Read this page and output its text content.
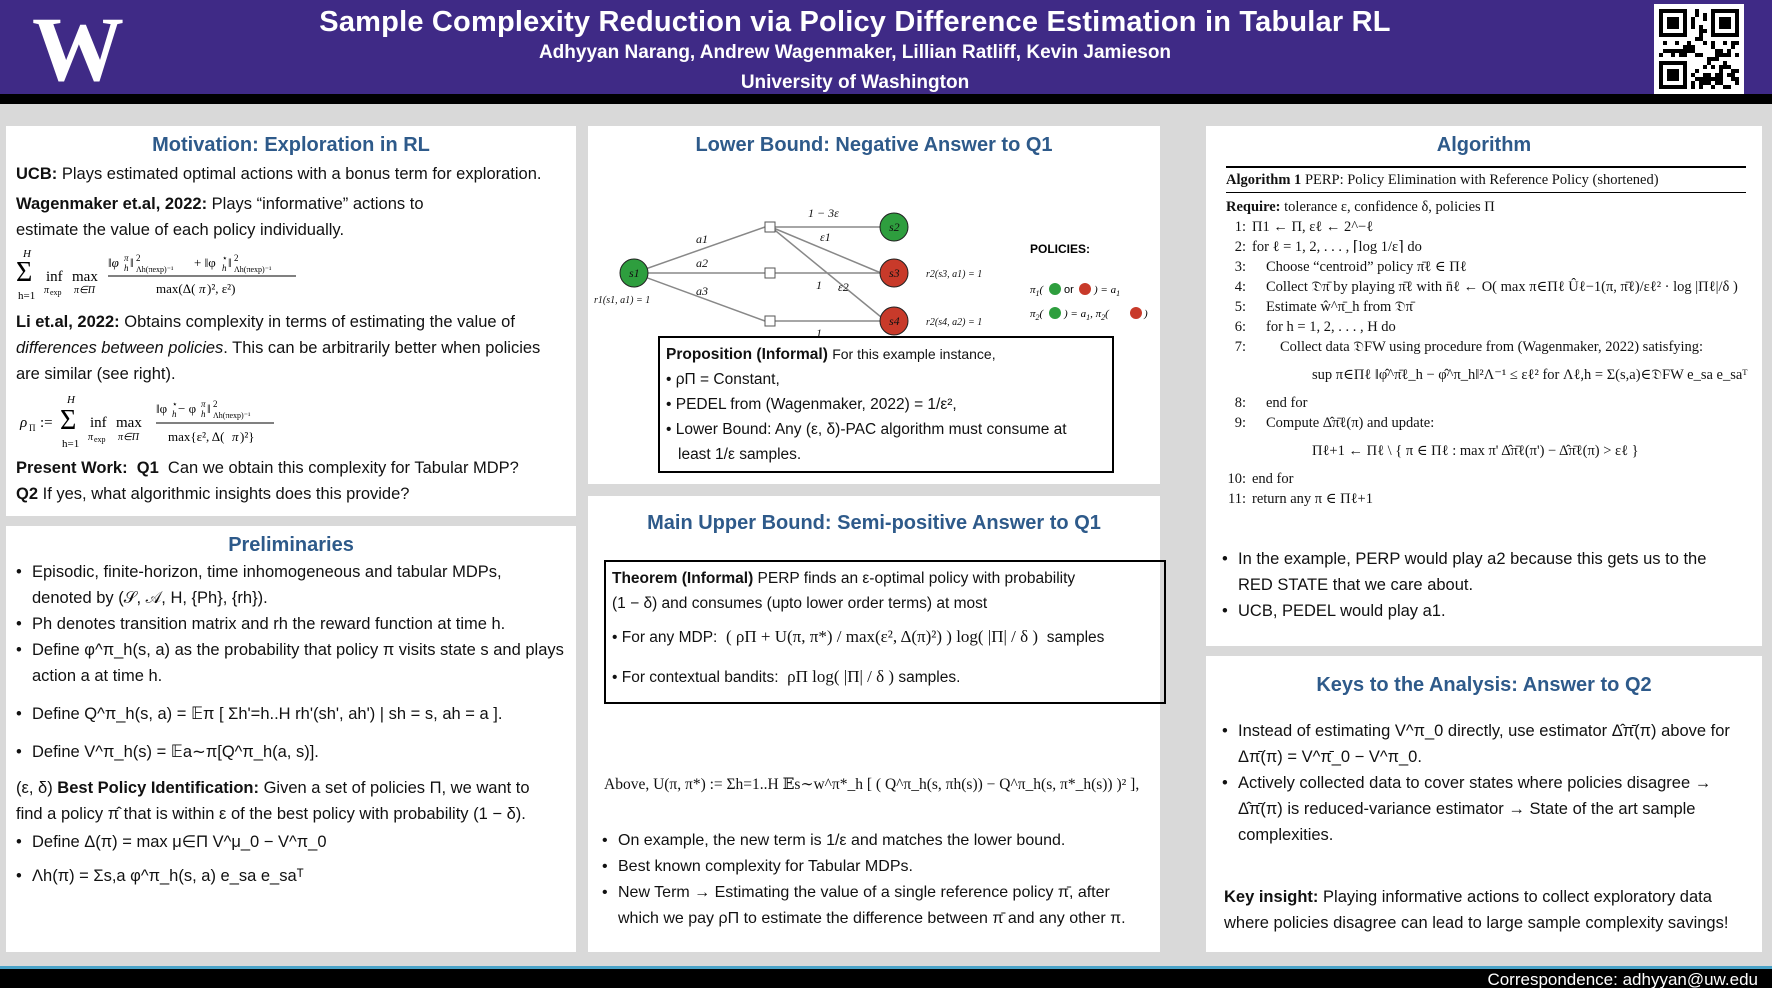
W	Sample Complexity Reduction via Policy Difference Estimation in Tabular RL
Adhyyan Narang, Andrew Wagenmaker, Lillian Ratliff, Kevin Jamieson
University of Washington
Motivation: Exploration in RL
UCB: Plays estimated optimal actions with a bonus term for exploration.
Wagenmaker et.al, 2022: Plays “informative” actions to
estimate the value of each policy individually.
Σ
H
h=1
inf
π exp
max
π∈Π
‖φ π
h ‖ 2
Λh(πexp)⁻¹ + ‖φ ⋆
h ‖ 2
Λh(πexp)⁻¹
max(Δ( π )², ε²)
Li et.al, 2022: Obtains complexity in terms of estimating the value of
differences between policies. This can be arbitrarily better when policies
are similar (see right).
ρ Π := Σ
H
h=1
inf
π exp
max
π∈Π
‖φ ⋆
h − φ π
h ‖ 2
Λh(πexp)⁻¹
max{ε², Δ( π )²}
Present Work: Q1 Can we obtain this complexity for Tabular MDP?
Q2 If yes, what algorithmic insights does this provide?
Preliminaries
• Episodic, finite-horizon, time inhomogeneous and tabular MDPs,
denoted by (𝒮, 𝒜, H, {Ph}, {rh}).
• Ph denotes transition matrix and rh the reward function at time h.
• Define φ^π_h(s, a) as the probability that policy π visits state s and plays
action a at time h.
• Define Q^π_h(s, a) = 𝔼π [ Σh'=h..H rh'(sh', ah') | sh = s, ah = a ].
• Define V^π_h(s) = 𝔼a∼π[Q^π_h(a, s)].
(ε, δ) Best Policy Identification: Given a set of policies Π, we want to
find a policy π̂ that is within ε of the best policy with probability (1 − δ).
• Define Δ(π) = max μ∈Π V^μ_0 − V^π_0
• Λh(π) = Σs,a φ^π_h(s, a) e_sa e_saᵀ
Lower Bound: Negative Answer to Q1
s1
s2
s3
s4
a1
a2
a3
1 − 3ε
ε1
1 ε2
1
r1(s1, a1) = 1
r2(s3, a1) = 1
r2(s4, a2) = 1
POLICIES:
$\pi_1$( or ) = $a_1$
$\pi_2$( ) = $a_1$, $\pi_2$(	)
π2() = a1, π2() = a2
Proposition (Informal) For this example instance,
• ρΠ = Constant,
• PEDEL from (Wagenmaker, 2022) = 1/ε²,
• Lower Bound: Any (ε, δ)-PAC algorithm must consume at
least 1/ε samples.
Main Upper Bound: Semi-positive Answer to Q1
Theorem (Informal) PERP finds an ε-optimal policy with probability
(1 − δ) and consumes (upto lower order terms) at most
• For any MDP: ( ρΠ + U(π, π*) / max(ε², Δ(π)²) ) log( |Π| / δ ) samples
• For contextual bandits: ρΠ log( |Π| / δ ) samples.
Above, U(π, π*) := Σh=1..H 𝔼s∼w^π*_h [ ( Q^π_h(s, πh(s)) − Q^π_h(s, π*_h(s)) )² ],
• On example, the new term is 1/ε and matches the lower bound.
• Best known complexity for Tabular MDPs.
• New Term → Estimating the value of a single reference policy π̄, after
which we pay ρΠ to estimate the difference between π̄ and any other π.
Algorithm
Algorithm 1 PERP: Policy Elimination with Reference Policy (shortened)
Require: tolerance ε, confidence δ, policies Π
1: Π1 ← Π, εℓ ← 2^−ℓ
2: for ℓ = 1, 2, . . . , ⌈log 1/ε⌉ do
3: Choose “centroid” policy π̄ℓ ∈ Πℓ
4: Collect 𝔇π̄ by playing π̄ℓ with n̄ℓ ← O( max π∈Πℓ Ûℓ−1(π, π̄ℓ)/εℓ² · log |Πℓ|/δ )
5: Estimate ŵ^π̄_h from 𝔇π̄
6: for h = 1, 2, . . . , H do
7: Collect data 𝔇FW using procedure from (Wagenmaker, 2022) satisfying:
sup π∈Πℓ ‖φ̂^π̄ℓ_h − φ̂^π_h‖²Λ⁻¹ ≤ εℓ² for Λℓ,h = Σ(s,a)∈𝔇FW e_sa e_saᵀ
8: end for
9: Compute Δ̂π̄ℓ(π) and update:
Πℓ+1 ← Πℓ \ { π ∈ Πℓ : max π' Δ̂π̄ℓ(π') − Δ̂π̄ℓ(π) > εℓ }
10: end for
11: return any π ∈ Πℓ+1
• In the example, PERP would play a2 because this gets us to the
RED STATE that we care about.
• UCB, PEDEL would play a1.
Keys to the Analysis: Answer to Q2
• Instead of estimating V^π_0 directly, use estimator Δ̂π̄(π) above for
Δπ̄(π) = V^π̄_0 − V^π_0.
• Actively collected data to cover states where policies disagree →
Δ̂π̄(π) is reduced-variance estimator → State of the art sample
complexities.
Key insight: Playing informative actions to collect exploratory data
where policies disagree can lead to large sample complexity savings!
Correspondence: adhyyan@uw.edu
